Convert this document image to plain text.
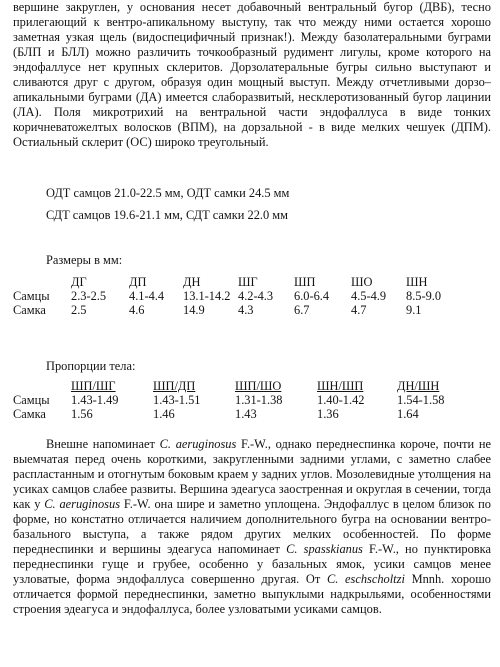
вершине закруглен, у основания несет добавочный вентральный бугор (ДВБ), тесно прилегающий к вентро-апикальному выступу, так что между ними остается хорошо заметная узкая щель (видоспецифичный признак!). Между базолатеральными буграми (БЛП и БЛЛ) можно различить точкообразный рудимент лигулы, кроме которого на эндофаллусе нет крупных склеритов. Дорзолатеральные бугры сильно выступают и сливаются друг с другом, образуя один мощный выступ. Между отчетливыми дорзо–апикальными буграми (ДА) имеется слаборазвитый, несклеротизованный бугор лацинии (ЛА). Поля микротрихий на вентральной части эндофаллуса в виде тонких коричневатожелтых волосков (ВПМ), на дорзальной - в виде мелких чешуек (ДПМ). Остиальный склерит (ОС) широко треугольный.

ОДТ самцов 21.0-22.5 мм, ОДТ самки 24.5 мм
СДТ самцов 19.6-21.1 мм, СДТ самки 22.0 мм
Размеры в мм:
	ДГ	ДП	ДН	ШГ	ШП	ШО	ШН
Самцы	2.3-2.5	4.1-4.4	13.1-14.2	4.2-4.3	6.0-6.4	4.5-4.9	8.5-9.0
Самка	2.5	4.6	14.9	4.3	6.7	4.7	9.1
Пропорции тела:
	ШП/ШГ	ШП/ДП	ШП/ШО	ШН/ШП	ДН/ШН
Самцы	1.43-1.49	1.43-1.51	1.31-1.38	1.40-1.42	1.54-1.58
Самка	1.56	1.46	1.43	1.36	1.64

Внешне напоминает C. aeruginosus F.-W., однако переднеспинка короче, почти не выемчатая перед очень короткими, закругленными задними углами, с заметно слабее распластанным и отогнутым боковым краем у задних углов. Мозолевидные утолщения на усиках самцов слабее развиты. Вершина эдеагуса заостренная и округлая в сечении, тогда как у C. aeruginosus F.-W. она шире и заметно уплощена. Эндофаллус в целом близок по форме, но констатно отличается наличием дополнительного бугра на основании вентро-базального выступа, а также рядом других мелких особенностей. По форме переднеспинки и вершины эдеагуса напоминает C. spasskianus F.-W., но пунктировка переднеспинки гуще и грубее, особенно у базальных ямок, усики самцов менее узловатые, форма эндофаллуса совершенно другая. От C. eschscholtzi Mnnh. хорошо отличается формой переднеспинки, заметно выпуклыми надкрыльями, особенностями строения эдеагуса и эндофаллуса, более узловатыми усиками самцов.
